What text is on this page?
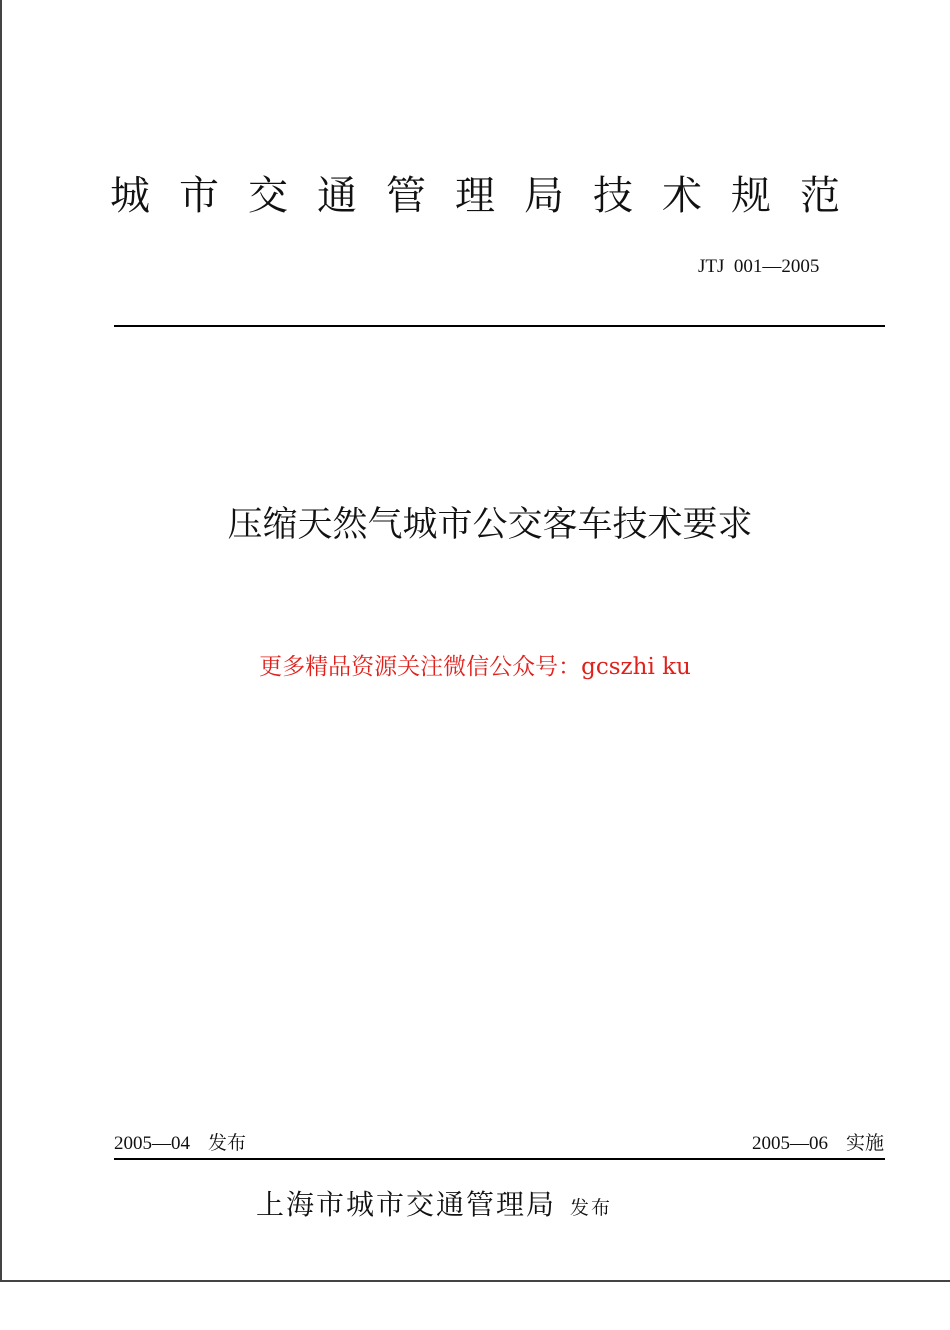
城市交通管理局技术规范
JTJ  001—2005
压缩天然气城市公交客车技术要求
更多精品资源关注微信公众号：gcszhi ku
2005—04 发布	2005—06 实施
上海市城市交通管理局 发布
